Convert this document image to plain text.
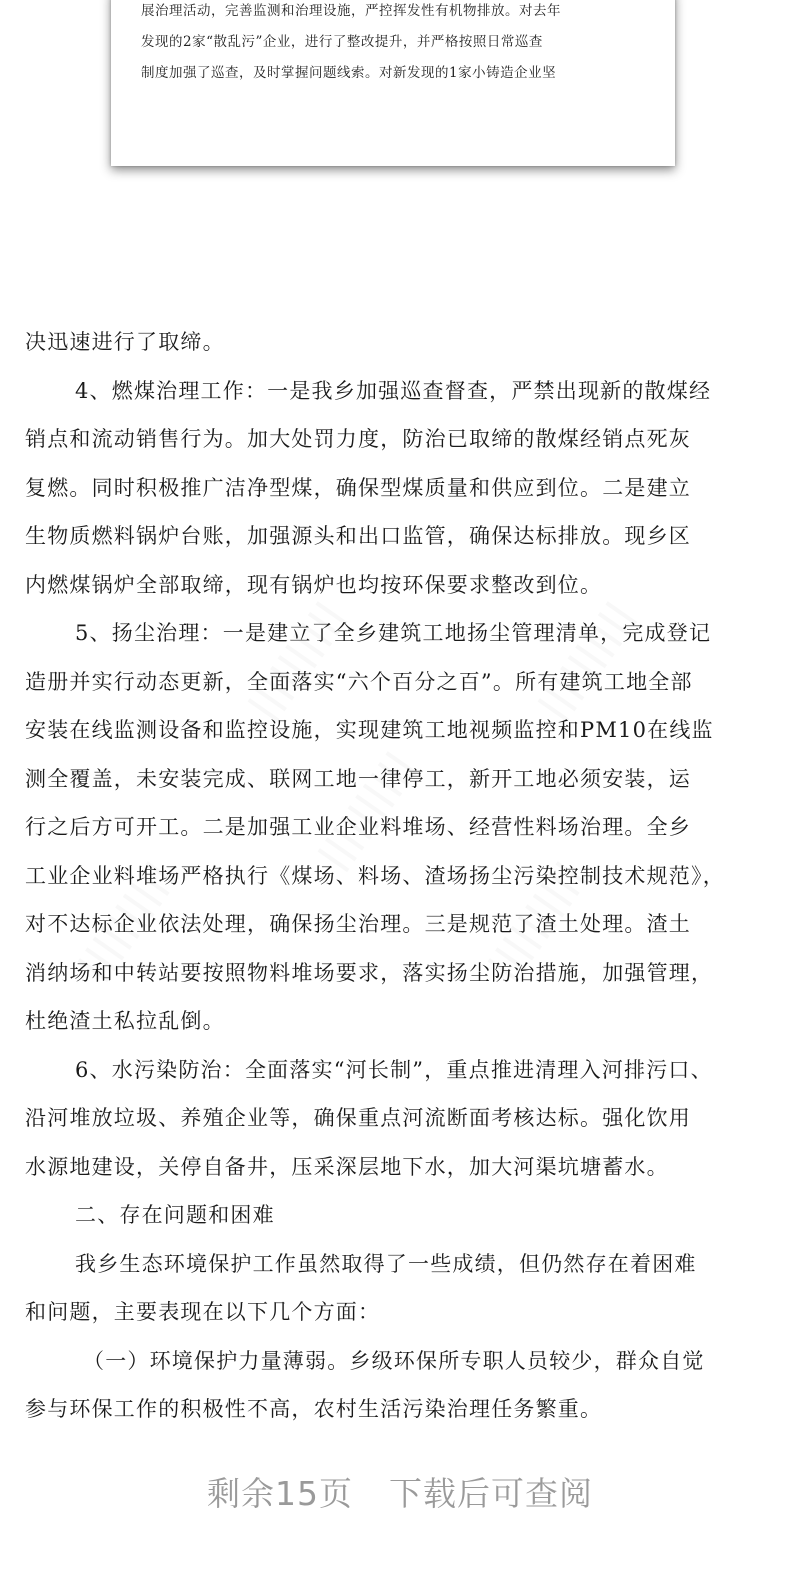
展治理活动，完善监测和治理设施，严控挥发性有机物排放。对去年
发现的2家“散乱污”企业，进行了整改提升，并严格按照日常巡查
制度加强了巡查，及时掌握问题线索。对新发现的1家小铸造企业坚
||||||||||	||||||||||
||||||||||
||||||||||	||||||||||
决迅速进行了取缔。
4、燃煤治理工作：一是我乡加强巡查督查，严禁出现新的散煤经
销点和流动销售行为。加大处罚力度，防治已取缔的散煤经销点死灰
复燃。同时积极推广洁净型煤，确保型煤质量和供应到位。二是建立
生物质燃料锅炉台账，加强源头和出口监管，确保达标排放。现乡区
内燃煤锅炉全部取缔，现有锅炉也均按环保要求整改到位。
5、扬尘治理：一是建立了全乡建筑工地扬尘管理清单，完成登记
造册并实行动态更新，全面落实“六个百分之百”。所有建筑工地全部
安装在线监测设备和监控设施，实现建筑工地视频监控和PM10在线监
测全覆盖，未安装完成、联网工地一律停工，新开工地必须安装，运
行之后方可开工。二是加强工业企业料堆场、经营性料场治理。全乡
工业企业料堆场严格执行《煤场、料场、渣场扬尘污染控制技术规范》，
对不达标企业依法处理，确保扬尘治理。三是规范了渣土处理。渣土
消纳场和中转站要按照物料堆场要求，落实扬尘防治措施，加强管理，
杜绝渣土私拉乱倒。
6、水污染防治：全面落实“河长制”，重点推进清理入河排污口、
沿河堆放垃圾、养殖企业等，确保重点河流断面考核达标。强化饮用
水源地建设，关停自备井，压采深层地下水，加大河渠坑塘蓄水。
二、存在问题和困难
我乡生态环境保护工作虽然取得了一些成绩，但仍然存在着困难
和问题，主要表现在以下几个方面：
（一）环境保护力量薄弱。乡级环保所专职人员较少，群众自觉
参与环保工作的积极性不高，农村生活污染治理任务繁重。
剩余15页 下载后可查阅
